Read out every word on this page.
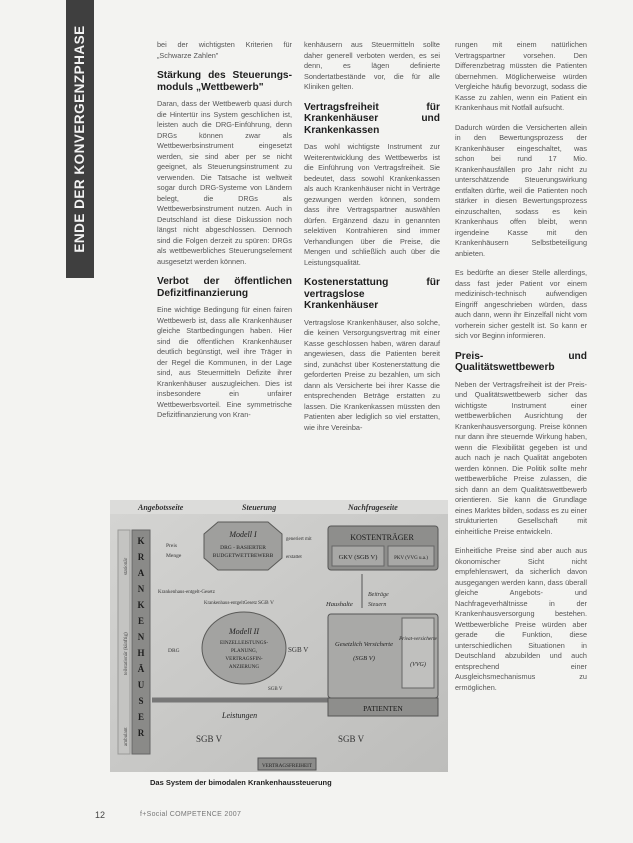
ENDE DER KONVERGENZPHASE	bei der wichtigsten Kriterien für „Schwarze Zahlen"

Stärkung des Steuerungs-moduls „Wettbewerb"

Daran, dass der Wettbewerb quasi durch die Hintertür ins System geschlichen ist, leisten auch die DRG-Einführung, denn DRGs können zwar als Wettbewerbsinstrument eingesetzt werden, sie sind aber per se nicht geeignet, als Steuerungsinstrument zu verwenden. Die Tatsache ist weltweit sogar durch DRG-Systeme von Ländern belegt, die DRGs als Wettbewerbsinstrument nutzen. Auch in Deutschland ist diese Diskussion noch längst nicht abgeschlossen. Dennoch sind die Folgen derzeit zu spüren: DRGs als wettbewerbliches Steuerungselement ausgesetzt werden können.

Verbot der öffentlichen Defizitfinanzierung

Eine wichtige Bedingung für einen fairen Wettbewerb ist, dass alle Krankenhäuser gleiche Startbedingungen haben. Hier sind die öffentlichen Krankenhäuser deutlich begünstigt, weil ihre Träger in der Regel die Kommunen, in der Lage sind, aus Steuermitteln Defizite ihrer Krankenhäuser auszugleichen. Dies ist insbesondere ein unfairer Wettbewerbsvorteil. Eine symmetrische Defizitfinanzierung von Kran-

kenhäusern aus Steuermitteln sollte daher generell verboten werden, es sei denn, es lägen definierte Sondertatbestände vor, die für alle Kliniken gelten.

Vertragsfreiheit für Krankenhäuser und Krankenkassen

Das wohl wichtigste Instrument zur Weiterentwicklung des Wettbewerbs ist die Einführung von Vertragsfreiheit. Sie bedeutet, dass sowohl Krankenkassen als auch Krankenhäuser nicht in Verträge gezwungen werden können, sondern dass ihre Vertragspartner auswählen dürfen. Ergänzend dazu in genannten selektiven Kontrahieren sind immer Verhandlungen über die Preise, die Mengen und schließlich auch über die Leistungsqualität.

Kostenerstattung für vertragslose Krankenhäuser

Vertragslose Krankenhäuser, also solche, die keinen Versorgungsvertrag mit einer Kasse geschlossen haben, wären darauf angewiesen, dass die Patienten bereit sind, zunächst über Kostenerstattung die geforderten Preise zu bezahlen, um sich dann als Versicherte bei ihrer Kasse die entsprechenden Beträge erstatten zu lassen. Die Krankenkassen müssten den Patienten aber lediglich so viel erstatten, wie ihre Vereinba-

rungen mit einem natürlichen Vertragspartner vorsehen. Den Differenzbetrag müssten die Patienten übernehmen. Möglicherweise würden Vergleiche häufig bevorzugt, sodass die Kasse zu zahlen, wenn ein Patient ein Krankenhaus mit Notfall aufsucht.

Dadurch würden die Versicherten allein in den Bewertungsprozess der Krankenhäuser eingeschaltet, was schon bei rund 17 Mio. Krankenhausfällen pro Jahr nicht zu unterschätzende Steuerungswirkung entfalten dürfte, weil die Patienten noch stärker in diesen Bewertungsprozess einzuschalten, sodass es kein Krankenhaus offen bleibt, wenn irgendeine Kasse mit den Krankenhäusern Selbstbeteiligung anbieten.

Es bedürfte an dieser Stelle allerdings, dass fast jeder Patient vor einem medizinisch-technisch aufwendigen Eingriff angeschrieben würden, dass auch dann, wenn ihr Einzelfall nicht vom vorherein sicher gestellt ist. So kann er sich vor Beginn informieren.

Preis- und Qualitätswettbewerb

Neben der Vertragsfreiheit ist der Preis- und Qualitätswettbewerb sicher das wichtigste Instrument einer wettbewerblichen Ausrichtung der Krankenhausversorgung. Preise können nur dann ihre steuernde Wirkung haben, wenn die Flexibilität gegeben ist und auch nach je nach Qualität angeboten werden können. Die Politik sollte mehr wettbewerbliche Preise zulassen, die sich dann an dem Qualitätswettbewerb orientieren. Sie kann die Grundlage eines Marktes bilden, sodass es zu einer strukturierten Gesellschaft mit einheitliche Preise entwickeln.

Einheitliche Preise sind aber auch aus ökonomischer Sicht nicht empfehlenswert, da sicherlich davon ausgegangen werden kann, dass überall gleiche Angebots- und Nachfrageverhältnisse in der Krankenhausversorgung bestehen. Wettbewerbliche Preise würden aber gerade die Funktion, diese unterschiedlichen Situationen in Deutschland abzubilden und auch entsprechend einer Ausgleichsmechanismus zu ermöglichen.

Angebotsseite	Steuerung	Nachfrageseite
stationär
teilstationär (künftig)
ambulant
K
R
A
N
K
E
N
H
Ä
U
S
E
R
Modell I
DRG - BASIERTER
BUDGETWETTBEWERB
Preis
Menge
generiert mit
erstattet
Krankenhaus-entgelt-Gesetz
Krankenhaus-entgeltGesetz SGB V
DRG
Modell II
EINZELLEISTUNGS-
PLANUNG,
VERTRAGSFIN-
ANZIERUNG
SGB V
SGB V
Leistungen
SGB V	SGB V
VERTRAGSFREIHEIT
KOSTENTRÄGER
GKV (SGB V)	PKV (VVG u.a.)
Haushalte
Beiträge
Steuern
Gesetzlich Versicherte
(SGB V)
Privat-versicherte
(VVG)
PATIENTEN
Das System der bimodalen Krankenhaussteuerung
12	f+Social COMPETENCE 2007
